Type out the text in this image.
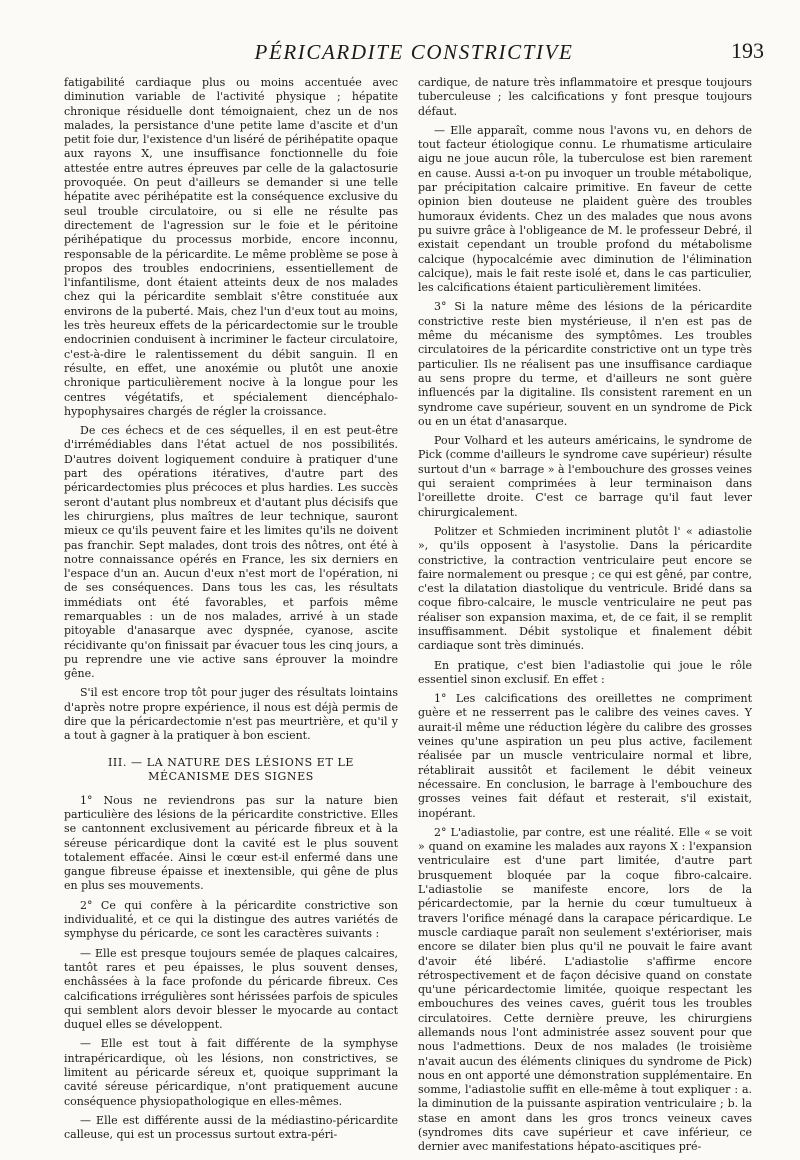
PÉRICARDITE CONSTRICTIVE	193

fatigabilité cardiaque plus ou moins accentuée avec diminution variable de l'activité physique ; hépatite chronique résiduelle dont témoignaient, chez un de nos malades, la persistance d'une petite lame d'ascite et d'un petit foie dur, l'existence d'un liséré de périhépatite opaque aux rayons X, une insuffisance fonctionnelle du foie attestée entre autres épreuves par celle de la galactosurie provoquée. On peut d'ailleurs se demander si une telle hépatite avec périhépatite est la conséquence exclusive du seul trouble circulatoire, ou si elle ne résulte pas directement de l'agression sur le foie et le péritoine périhépatique du processus morbide, encore inconnu, responsable de la péricardite. Le même problème se pose à propos des troubles endocriniens, essentiellement de l'infantilisme, dont étaient atteints deux de nos malades chez qui la péricardite semblait s'être constituée aux environs de la puberté. Mais, chez l'un d'eux tout au moins, les très heureux effets de la péricardectomie sur le trouble endocrinien conduisent à incriminer le facteur circulatoire, c'est-à-dire le ralentissement du débit sanguin. Il en résulte, en effet, une anoxémie ou plutôt une anoxie chronique particulièrement nocive à la longue pour les centres végétatifs, et spécialement diencéphalo-hypophysaires chargés de régler la croissance.

De ces échecs et de ces séquelles, il en est peut-être d'irrémédiables dans l'état actuel de nos possibilités. D'autres doivent logiquement conduire à pratiquer d'une part des opérations itératives, d'autre part des péricardectomies plus précoces et plus hardies. Les succès seront d'autant plus nombreux et d'autant plus décisifs que les chirurgiens, plus maîtres de leur technique, sauront mieux ce qu'ils peuvent faire et les limites qu'ils ne doivent pas franchir. Sept malades, dont trois des nôtres, ont été à notre connaissance opérés en France, les six derniers en l'espace d'un an. Aucun d'eux n'est mort de l'opération, ni de ses conséquences. Dans tous les cas, les résultats immédiats ont été favorables, et parfois même remarquables : un de nos malades, arrivé à un stade pitoyable d'anasarque avec dyspnée, cyanose, ascite récidivante qu'on finissait par évacuer tous les cinq jours, a pu reprendre une vie active sans éprouver la moindre gêne.

S'il est encore trop tôt pour juger des résultats lointains d'après notre propre expérience, il nous est déjà permis de dire que la péricardectomie n'est pas meurtrière, et qu'il y a tout à gagner à la pratiquer à bon escient.

III. — LA NATURE DES LÉSIONS ET LE MÉCANISME DES SIGNES

1° Nous ne reviendrons pas sur la nature bien particulière des lésions de la péricardite constrictive. Elles se cantonnent exclusivement au péricarde fibreux et à la séreuse péricardique dont la cavité est le plus souvent totalement effacée. Ainsi le cœur est-il enfermé dans une gangue fibreuse épaisse et inextensible, qui gêne de plus en plus ses mouvements.

2° Ce qui confère à la péricardite constrictive son individualité, et ce qui la distingue des autres variétés de symphyse du péricarde, ce sont les caractères suivants :

— Elle est presque toujours semée de plaques calcaires, tantôt rares et peu épaisses, le plus souvent denses, enchâssées à la face profonde du péricarde fibreux. Ces calcifications irrégulières sont hérissées parfois de spicules qui semblent alors devoir blesser le myocarde au contact duquel elles se développent.

— Elle est tout à fait différente de la symphyse intrapéricardique, où les lésions, non constrictives, se limitent au péricarde séreux et, quoique supprimant la cavité séreuse péricardique, n'ont pratiquement aucune conséquence physiopathologique en elles-mêmes.

— Elle est différente aussi de la médiastino-péricardite calleuse, qui est un processus surtout extra-péri-

cardique, de nature très inflammatoire et presque toujours tuberculeuse ; les calcifications y font presque toujours défaut.

— Elle apparaît, comme nous l'avons vu, en dehors de tout facteur étiologique connu. Le rhumatisme articulaire aigu ne joue aucun rôle, la tuberculose est bien rarement en cause. Aussi a-t-on pu invoquer un trouble métabolique, par précipitation calcaire primitive. En faveur de cette opinion bien douteuse ne plaident guère des troubles humoraux évidents. Chez un des malades que nous avons pu suivre grâce à l'obligeance de M. le professeur Debré, il existait cependant un trouble profond du métabolisme calcique (hypocalcémie avec diminution de l'élimination calcique), mais le fait reste isolé et, dans le cas particulier, les calcifications étaient particulièrement limitées.

3° Si la nature même des lésions de la péricardite constrictive reste bien mystérieuse, il n'en est pas de même du mécanisme des symptômes. Les troubles circulatoires de la péricardite constrictive ont un type très particulier. Ils ne réalisent pas une insuffisance cardiaque au sens propre du terme, et d'ailleurs ne sont guère influencés par la digitaline. Ils consistent rarement en un syndrome cave supérieur, souvent en un syndrome de Pick ou en un état d'anasarque.

Pour Volhard et les auteurs américains, le syndrome de Pick (comme d'ailleurs le syndrome cave supérieur) résulte surtout d'un « barrage » à l'embouchure des grosses veines qui seraient comprimées à leur terminaison dans l'oreillette droite. C'est ce barrage qu'il faut lever chirurgicalement.

Politzer et Schmieden incriminent plutôt l' « adiastolie », qu'ils opposent à l'asystolie. Dans la péricardite constrictive, la contraction ventriculaire peut encore se faire normalement ou presque ; ce qui est gêné, par contre, c'est la dilatation diastolique du ventricule. Bridé dans sa coque fibro-calcaire, le muscle ventriculaire ne peut pas réaliser son expansion maxima, et, de ce fait, il se remplit insuffisamment. Débit systolique et finalement débit cardiaque sont très diminués.

En pratique, c'est bien l'adiastolie qui joue le rôle essentiel sinon exclusif. En effet :

1° Les calcifications des oreillettes ne compriment guère et ne resserrent pas le calibre des veines caves. Y aurait-il même une réduction légère du calibre des grosses veines qu'une aspiration un peu plus active, facilement réalisée par un muscle ventriculaire normal et libre, rétablirait aussitôt et facilement le débit veineux nécessaire. En conclusion, le barrage à l'embouchure des grosses veines fait défaut et resterait, s'il existait, inopérant.

2° L'adiastolie, par contre, est une réalité. Elle « se voit » quand on examine les malades aux rayons X : l'expansion ventriculaire est d'une part limitée, d'autre part brusquement bloquée par la coque fibro-calcaire. L'adiastolie se manifeste encore, lors de la péricardectomie, par la hernie du cœur tumultueux à travers l'orifice ménagé dans la carapace péricardique. Le muscle cardiaque paraît non seulement s'extérioriser, mais encore se dilater bien plus qu'il ne pouvait le faire avant d'avoir été libéré. L'adiastolie s'affirme encore rétrospectivement et de façon décisive quand on constate qu'une péricardectomie limitée, quoique respectant les embouchures des veines caves, guérit tous les troubles circulatoires. Cette dernière preuve, les chirurgiens allemands nous l'ont administrée assez souvent pour que nous l'admettions. Deux de nos malades (le troisième n'avait aucun des éléments cliniques du syndrome de Pick) nous en ont apporté une démonstration supplémentaire. En somme, l'adiastolie suffit en elle-même à tout expliquer : a. la diminution de la puissante aspiration ventriculaire ; b. la stase en amont dans les gros troncs veineux caves (syndromes dits cave supérieur et cave inférieur, ce dernier avec manifestations hépato-ascitiques pré-
